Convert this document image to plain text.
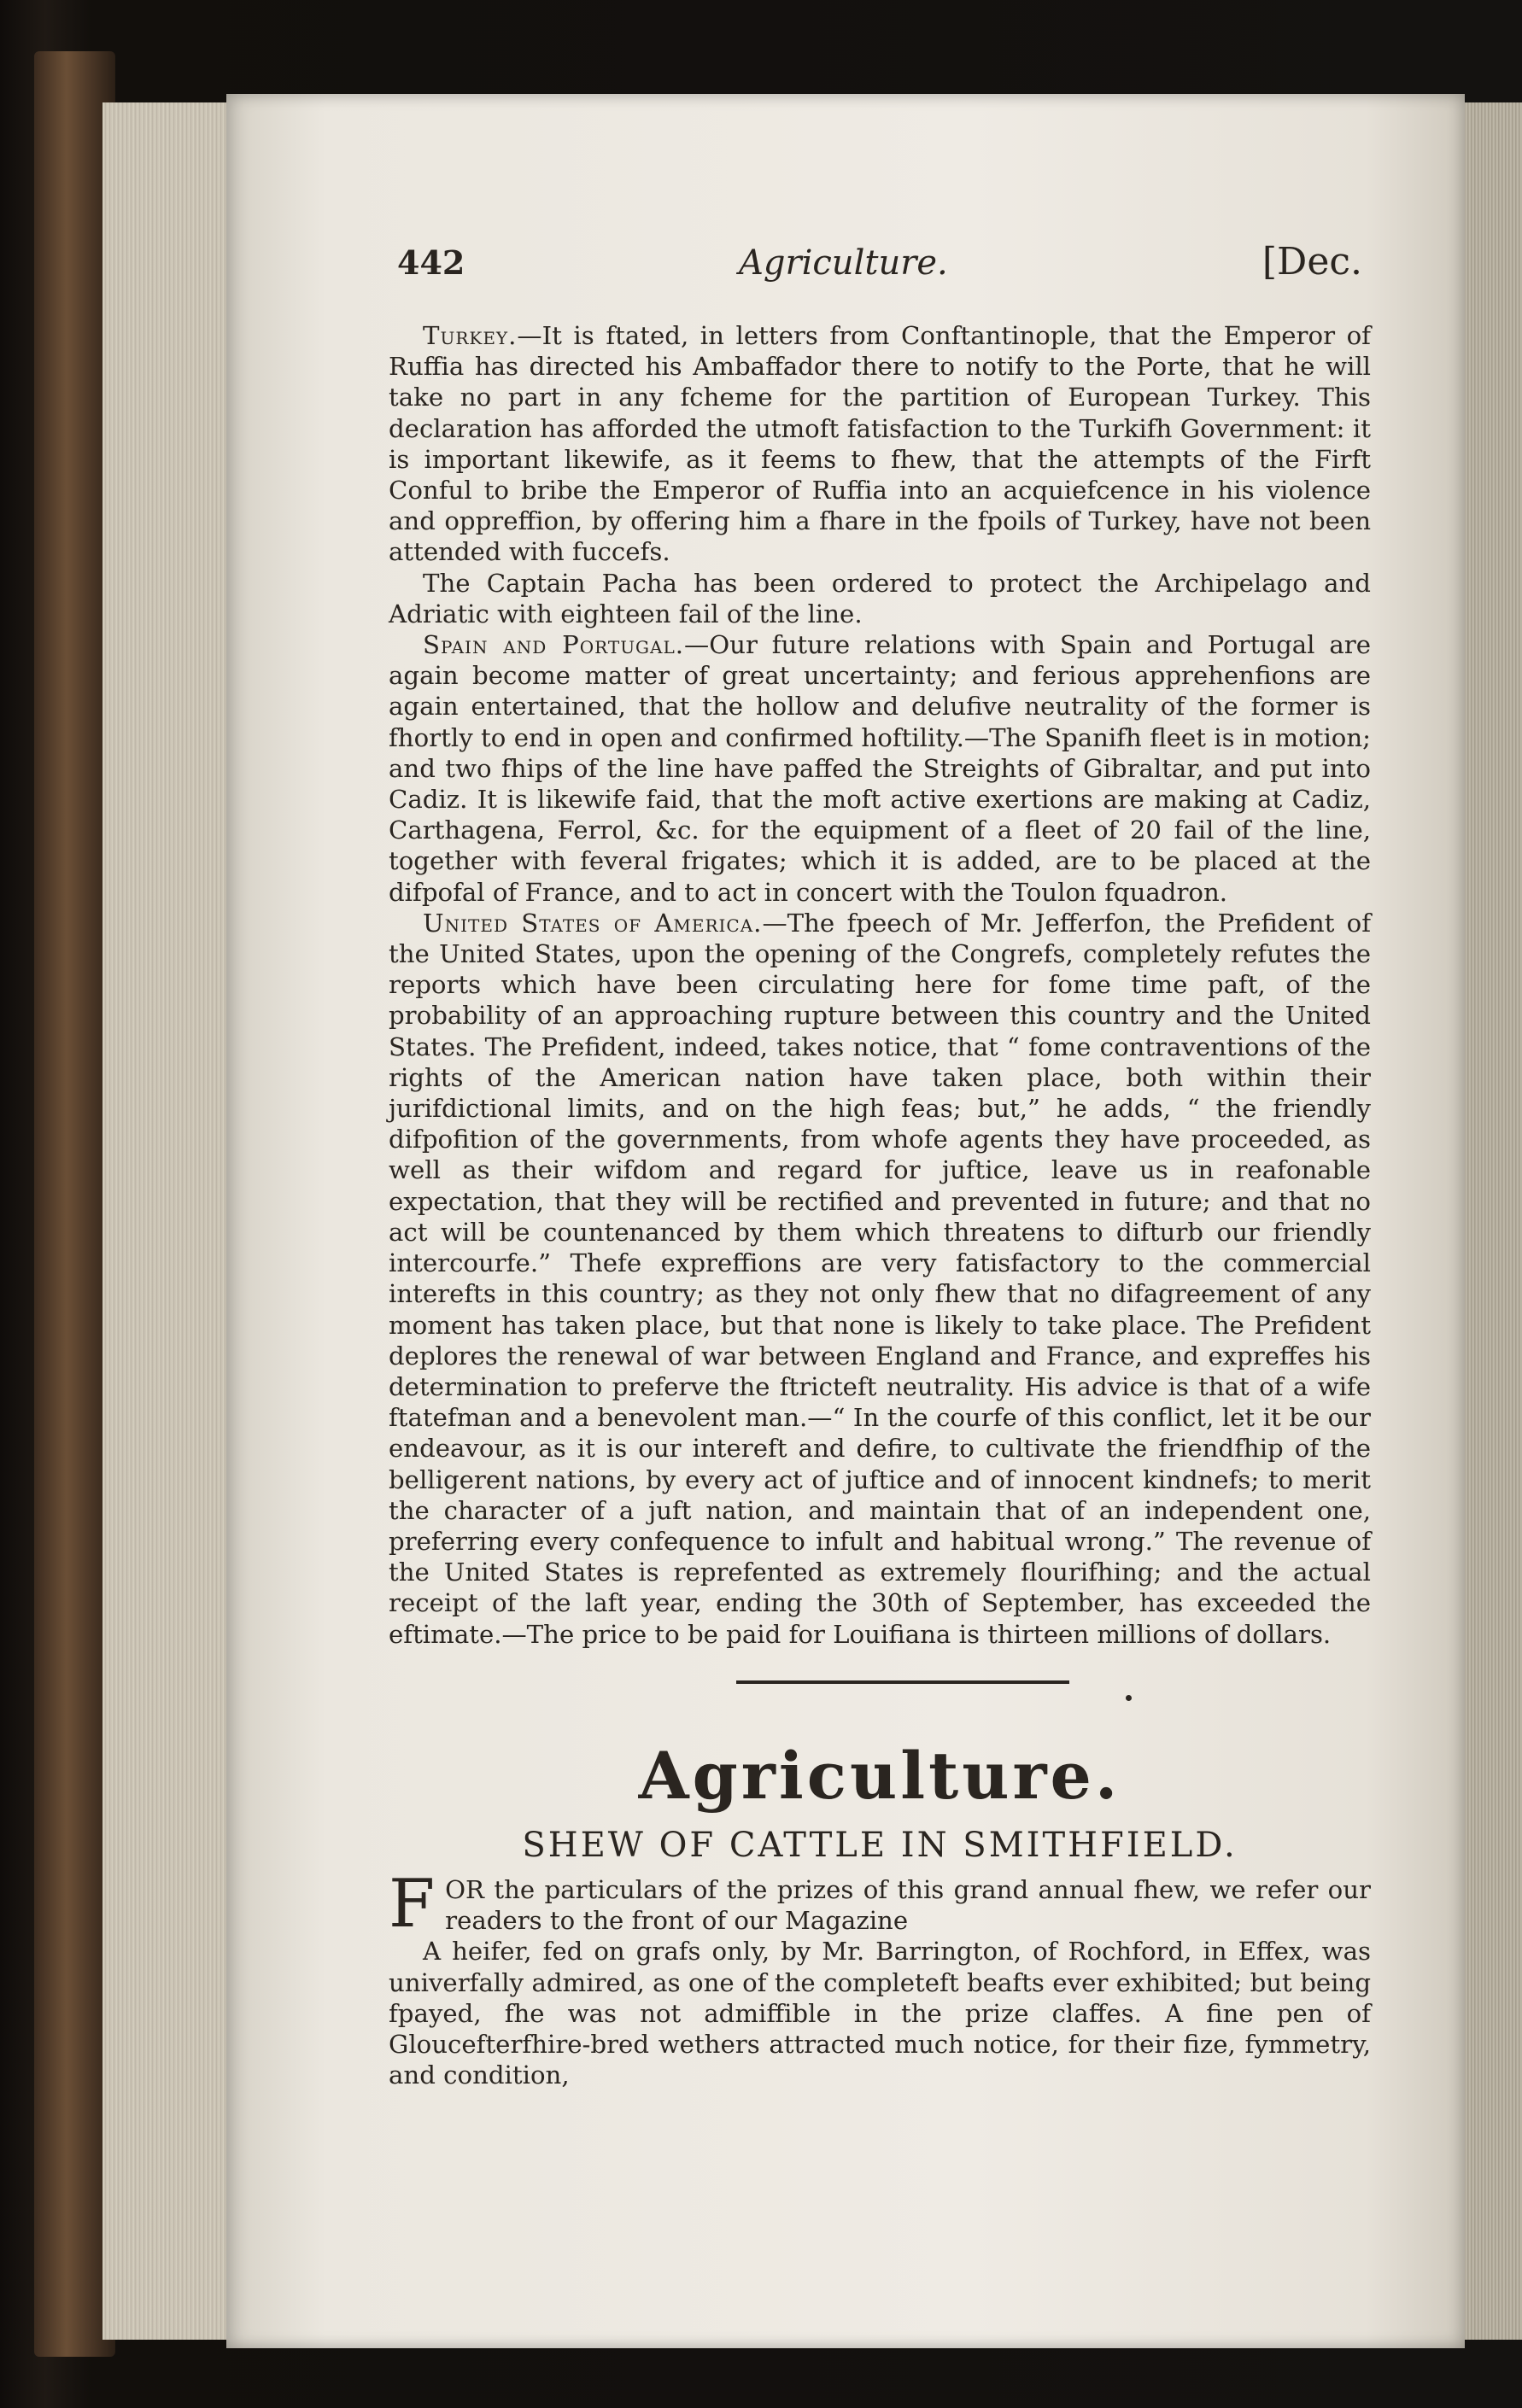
442	Agriculture.	[Dec.

Turkey.—It is ftated, in letters from Conftantinople, that the Emperor of Ruffia has directed his Ambaffador there to notify to the Porte, that he will take no part in any fcheme for the partition of European Turkey. This declaration has afforded the utmoft fatisfaction to the Turkifh Government: it is important likewife, as it feems to fhew, that the attempts of the Firft Conful to bribe the Emperor of Ruffia into an acquiefcence in his violence and oppreffion, by offering him a fhare in the fpoils of Turkey, have not been attended with fuccefs.

The Captain Pacha has been ordered to protect the Archipelago and Adriatic with eighteen fail of the line.

Spain and Portugal.—Our future relations with Spain and Portugal are again become matter of great uncertainty; and ferious apprehenfions are again entertained, that the hollow and delufive neutrality of the former is fhortly to end in open and confirmed hoftility.—The Spanifh fleet is in motion; and two fhips of the line have paffed the Streights of Gibraltar, and put into Cadiz. It is likewife faid, that the moft active exertions are making at Cadiz, Carthagena, Ferrol, &c. for the equipment of a fleet of 20 fail of the line, together with feveral frigates; which it is added, are to be placed at the difpofal of France, and to act in concert with the Toulon fquadron.

United States of America.—The fpeech of Mr. Jefferfon, the Prefident of the United States, upon the opening of the Congrefs, completely refutes the reports which have been circulating here for fome time paft, of the probability of an approaching rupture between this country and the United States. The Prefident, indeed, takes notice, that “ fome contraventions of the rights of the American nation have taken place, both within their jurifdictional limits, and on the high feas; but,” he adds, “ the friendly difpofition of the governments, from whofe agents they have proceeded, as well as their wifdom and regard for juftice, leave us in reafonable expectation, that they will be rectified and prevented in future; and that no act will be countenanced by them which threatens to difturb our friendly intercourfe.” Thefe expreffions are very fatisfactory to the commercial interefts in this country; as they not only fhew that no difagreement of any moment has taken place, but that none is likely to take place. The Prefident deplores the renewal of war between England and France, and expreffes his determination to preferve the ftricteft neutrality. His advice is that of a wife ftatefman and a benevolent man.—“ In the courfe of this conflict, let it be our endeavour, as it is our intereft and defire, to cultivate the friendfhip of the belligerent nations, by every act of juftice and of innocent kindnefs; to merit the character of a juft nation, and maintain that of an independent one, preferring every confequence to infult and habitual wrong.” The revenue of the United States is reprefented as extremely flourifhing; and the actual receipt of the laft year, ending the 30th of September, has exceeded the eftimate.—The price to be paid for Louifiana is thirteen millions of dollars.

Agriculture.
SHEW OF CATTLE IN SMITHFIELD.

FOR the particulars of the prizes of this grand annual fhew, we refer our readers to the front of our Magazine

A heifer, fed on grafs only, by Mr. Barrington, of Rochford, in Effex, was univerfally admired, as one of the completeft beafts ever exhibited; but being fpayed, fhe was not admiffible in the prize claffes. A fine pen of Gloucefterfhire-bred wethers attracted much notice, for their fize, fymmetry, and condition,
